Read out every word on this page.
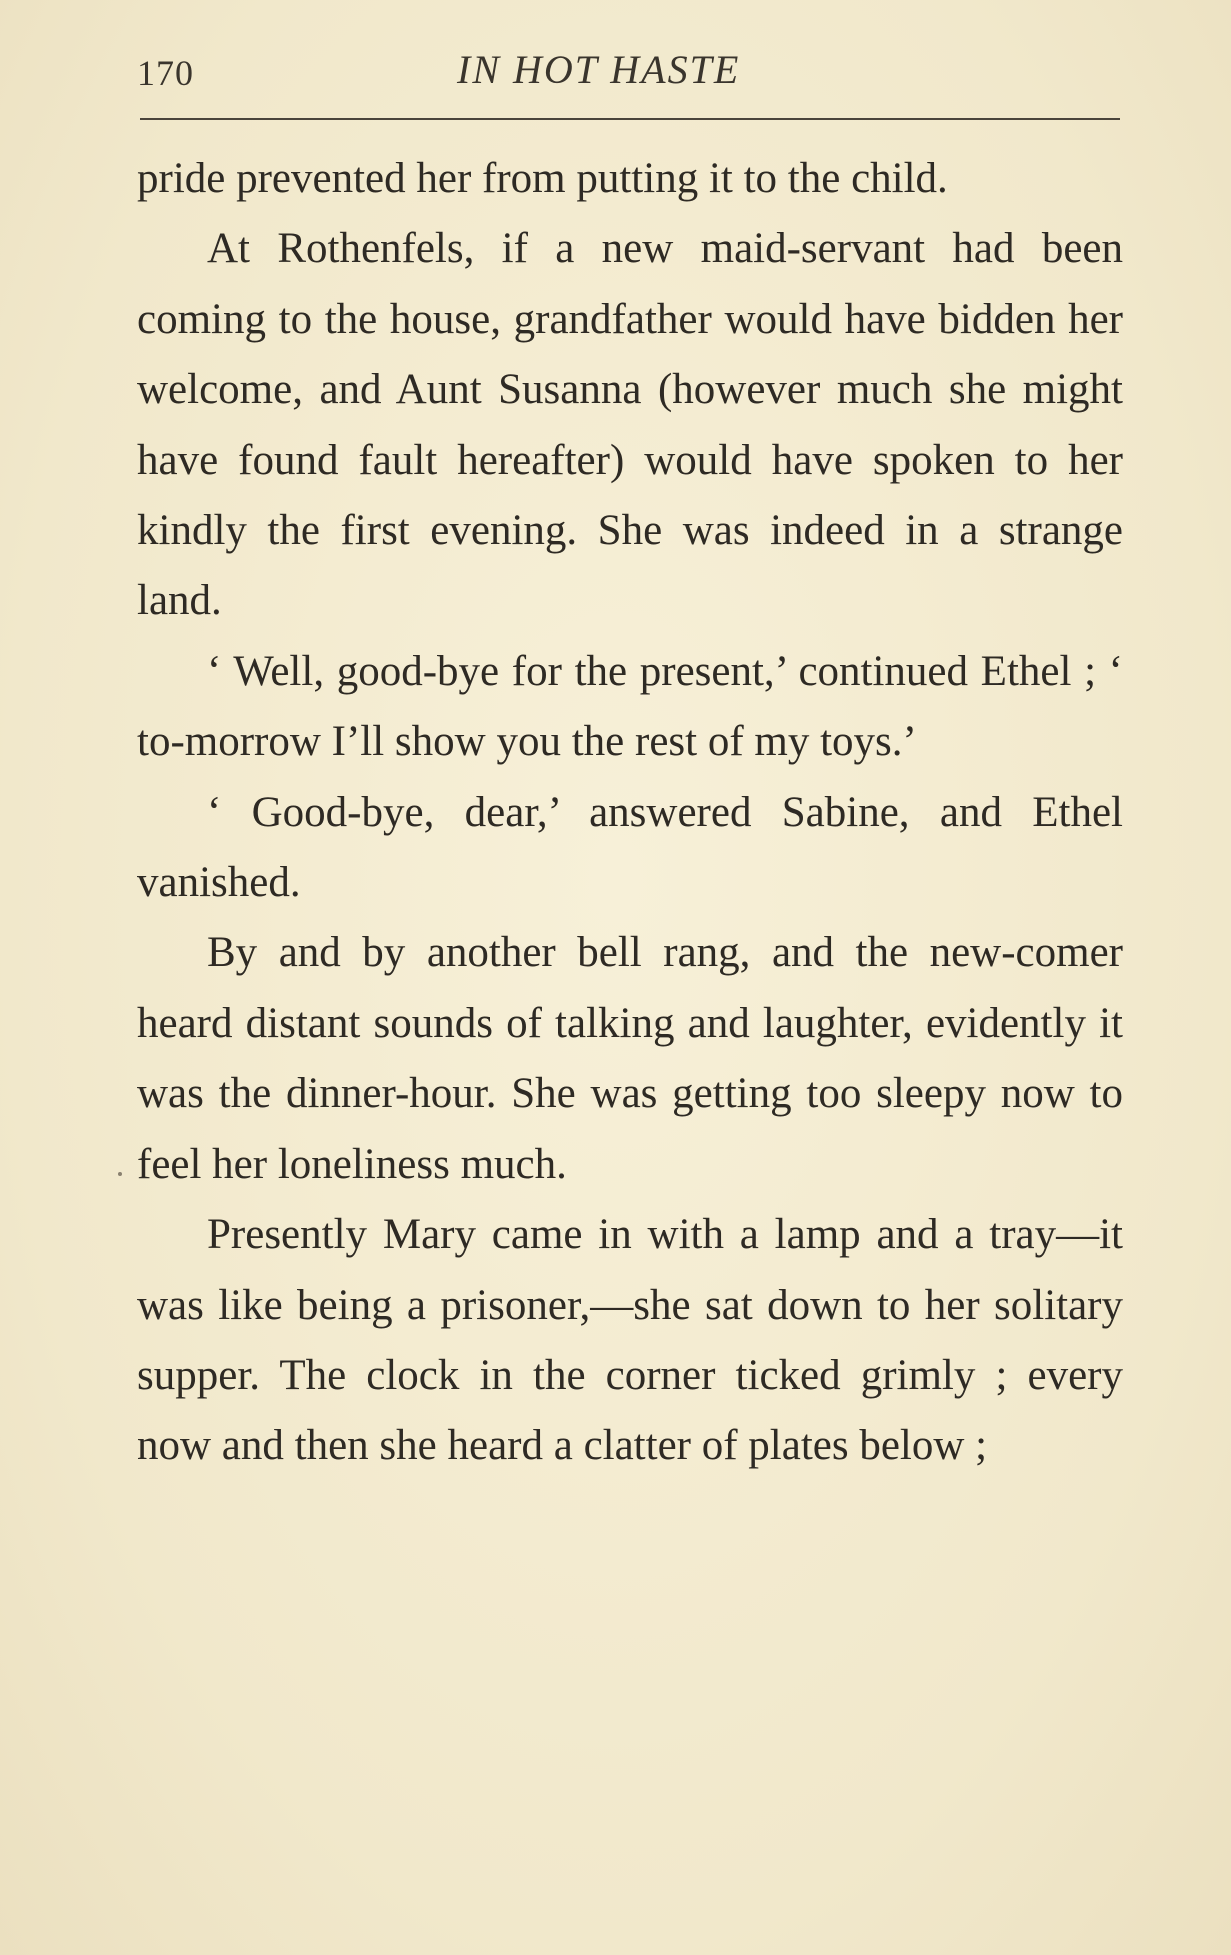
170	IN HOT HASTE

pride prevented her from putting it to the child.

At Rothenfels, if a new maid-servant had been coming to the house, grandfather would have bidden her welcome, and Aunt Susanna (however much she might have found fault hereafter) would have spoken to her kindly the first evening. She was indeed in a strange land.

‘ Well, good-bye for the present,’ continued Ethel ; ‘ to-morrow I’ll show you the rest of my toys.’

‘ Good-bye, dear,’ answered Sabine, and Ethel vanished.

By and by another bell rang, and the new-comer heard distant sounds of talking and laughter, evidently it was the dinner-hour. She was getting too sleepy now to feel her loneliness much.

Presently Mary came in with a lamp and a tray—it was like being a prisoner,—she sat down to her solitary supper. The clock in the corner ticked grimly ; every now and then she heard a clatter of plates below ;
